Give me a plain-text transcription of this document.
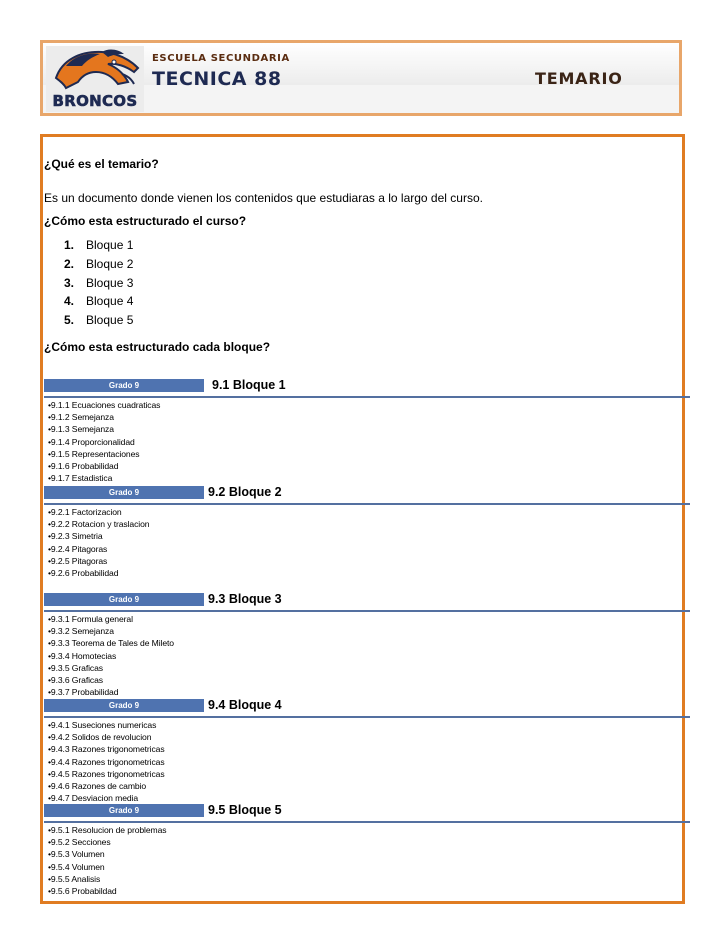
BRONCOS
ESCUELA SECUNDARIA
TECNICA 88	TEMARIO
¿Qué es el temario?
Es un documento donde vienen los contenidos que estudiaras a lo largo del curso.
¿Cómo esta estructurado el curso?
1. Bloque 1
2. Bloque 2
3. Bloque 3
4. Bloque 4
5. Bloque 5
¿Cómo esta estructurado cada bloque?
Grado 9	9.1 Bloque 1
•9.1.1 Ecuaciones cuadraticas
•9.1.2 Semejanza
•9.1.3 Semejanza
•9.1.4 Proporcionalidad
•9.1.5 Representaciones
•9.1.6 Probabilidad
•9.1.7 Estadistica
Grado 9	9.2 Bloque 2
•9.2.1 Factorizacion
•9.2.2 Rotacion y traslacion
•9.2.3 Simetria
•9.2.4 Pitagoras
•9.2.5 Pitagoras
•9.2.6 Probabilidad
Grado 9	9.3 Bloque 3
•9.3.1 Formula general
•9.3.2 Semejanza
•9.3.3 Teorema de Tales de Mileto
•9.3.4 Homotecias
•9.3.5 Graficas
•9.3.6 Graficas
•9.3.7 Probabilidad
Grado 9	9.4 Bloque 4
•9.4.1 Suseciones numericas
•9.4.2 Solidos de revolucion
•9.4.3 Razones trigonometricas
•9.4.4 Razones trigonometricas
•9.4.5 Razones trigonometricas
•9.4.6 Razones de cambio
•9.4.7 Desviacion media
Grado 9	9.5 Bloque 5
•9.5.1 Resolucion de problemas
•9.5.2 Secciones
•9.5.3 Volumen
•9.5.4 Volumen
•9.5.5 Analisis
•9.5.6 Probabildad
